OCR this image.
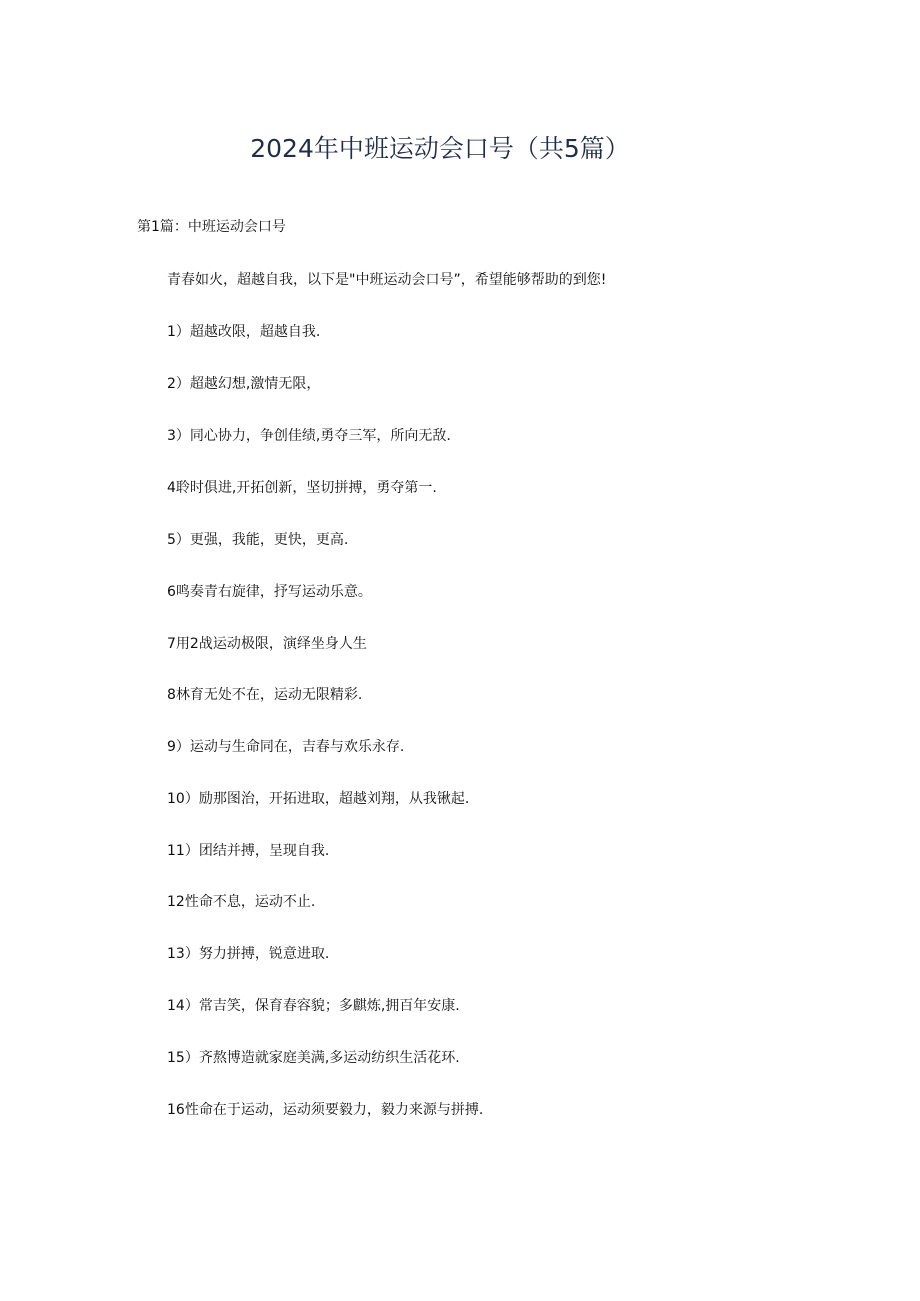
2024年中班运动会口号（共5篇）
第1篇：中班运动会口号

青春如火，超越自我，以下是"中班运动会口号”，希望能够帮助的到您!

1）超越改限，超越自我.

2）超越幻想,激情无限，

3）同心协力，争创佳绩,勇夺三军，所向无敌.

4聆时俱进,开拓创新，坚切拼搏，勇夺第一.

5）更强，我能，更快，更高.

6鸣奏青右旋律，抒写运动乐意。

7用2战运动极限，演绎坐身人生

8林育无处不在，运动无限精彩.

9）运动与生命同在，吉春与欢乐永存.

10）励那图治，开拓进取，超越刘翔，从我锹起.

11）团结并搏，呈现自我.

12性命不息，运动不止.

13）努力拼搏，锐意进取.

14）常吉笑，保育春容貌；多麒炼,拥百年安康.

15）齐熬博造就家庭美满,多运动纺织生活花环.

16性命在于运动，运动须要毅力，毅力来源与拼搏.
